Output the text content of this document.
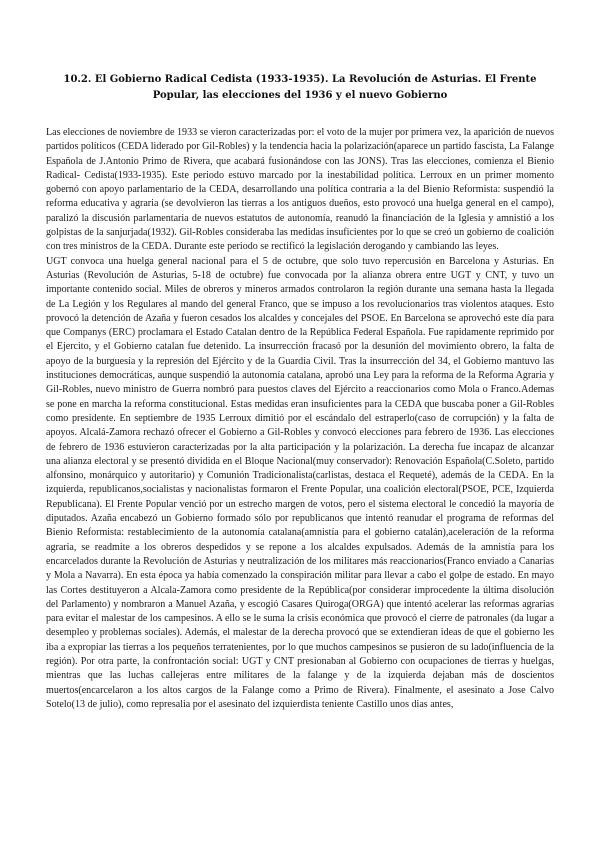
10.2. El Gobierno Radical Cedista (1933-1935). La Revolución de Asturias. El Frente Popular, las elecciones del 1936 y el nuevo Gobierno

Las elecciones de noviembre de 1933 se vieron caracterizadas por: el voto de la mujer por primera vez, la aparición de nuevos partidos políticos (CEDA liderado por Gil-Robles) y la tendencia hacia la polarización(aparece un partido fascista, La Falange Española de J.Antonio Primo de Rivera, que acabará fusionándose con las JONS). Tras las elecciones, comienza el Bienio Radical- Cedista(1933-1935). Este periodo estuvo marcado por la inestabilidad política. Lerroux en un primer momento gobernó con apoyo parlamentario de la CEDA, desarrollando una política contraria a la del Bienio Reformista: suspendió la reforma educativa y agraria (se devolvieron las tierras a los antiguos dueños, esto provocó una huelga general en el campo), paralizó la discusión parlamentaria de nuevos estatutos de autonomía, reanudó la financiación de la Iglesia y amnistió a los golpistas de la sanjurjada(1932). Gil-Robles consideraba las medidas insuficientes por lo que se creó un gobierno de coalición con tres ministros de la CEDA. Durante este periodo se rectificó la legislación derogando y cambiando las leyes.

UGT convoca una huelga general nacional para el 5 de octubre, que solo tuvo repercusión en Barcelona y Asturias. En Asturias (Revolución de Asturias, 5-18 de octubre) fue convocada por la alianza obrera entre UGT y CNT, y tuvo un importante contenido social. Miles de obreros y mineros armados controlaron la región durante una semana hasta la llegada de La Legión y los Regulares al mando del general Franco, que se impuso a los revolucionarios tras violentos ataques. Esto provocó la detención de Azaña y fueron cesados los alcaldes y concejales del PSOE. En Barcelona se aprovechó este día para que Companys (ERC) proclamara el Estado Catalan dentro de la República Federal Española. Fue rapidamente reprimido por el Ejercito, y el Gobierno catalan fue detenido. La insurrección fracasó por la desunión del movimiento obrero, la falta de apoyo de la burguesía y la represión del Ejército y de la Guardia Civil. Tras la insurrección del 34, el Gobierno mantuvo las instituciones democráticas, aunque suspendió la autonomía catalana, aprobó una Ley para la reforma de la Reforma Agraria y Gil-Robles, nuevo ministro de Guerra nombró para puestos claves del Ejército a reaccionarios como Mola o Franco.Ademas se pone en marcha la reforma constitucional. Estas medidas eran insuficientes para la CEDA que buscaba poner a Gil-Robles como presidente. En septiembre de 1935 Lerroux dimitió por el escándalo del estraperlo(caso de corrupción) y la falta de apoyos. Alcalá-Zamora rechazó ofrecer el Gobierno a Gil-Robles y convocó elecciones para febrero de 1936. Las elecciones de febrero de 1936 estuvieron caracterizadas por la alta participación y la polarización. La derecha fue incapaz de alcanzar una alianza electoral y se presentó dividida en el Bloque Nacional(muy conservador): Renovación Española(C.Soleto, partido alfonsino, monárquico y autoritario) y Comunión Tradicionalista(carlistas, destaca el Requeté), además de la CEDA. En la izquierda, republicanos,socialistas y nacionalistas formaron el Frente Popular, una coalición electoral(PSOE, PCE, Izquierda Republicana). El Frente Popular venció por un estrecho margen de votos, pero el sistema electoral le concedió la mayoría de diputados. Azaña encabezó un Gobierno formado sólo por republicanos que intentó reanudar el programa de reformas del Bienio Reformista: restablecimiento de la autonomía catalana(amnistía para el gobierno catalán),aceleración de la reforma agraria, se readmite a los obreros despedidos y se repone a los alcaldes expulsados. Además de la amnistía para los encarcelados durante la Revolución de Asturias y neutralización de los militares más reaccionarios(Franco enviado a Canarias y Mola a Navarra). En esta época ya había comenzado la conspiración militar para llevar a cabo el golpe de estado. En mayo las Cortes destituyeron a Alcala-Zamora como presidente de la República(por considerar improcedente la última disolución del Parlamento) y nombraron a Manuel Azaña, y escogió Casares Quiroga(ORGA) que intentó acelerar las reformas agrarias para evitar el malestar de los campesinos. A ello se le suma la crisis económica que provocó el cierre de patronales (da lugar a desempleo y problemas sociales). Además, el malestar de la derecha provocó que se extendieran ideas de que el gobierno les iba a expropiar las tierras a los pequeños terratenientes, por lo que muchos campesinos se pusieron de su lado(influencia de la región). Por otra parte, la confrontación social: UGT y CNT presionaban al Gobierno con ocupaciones de tierras y huelgas, mientras que las luchas callejeras entre militares de la falange y de la izquierda dejaban más de doscientos muertos(encarcelaron a los altos cargos de la Falange como a Primo de Rivera). Finalmente, el asesinato a Jose Calvo Sotelo(13 de julio), como represalia por el asesinato del izquierdista teniente Castillo unos dias antes,
